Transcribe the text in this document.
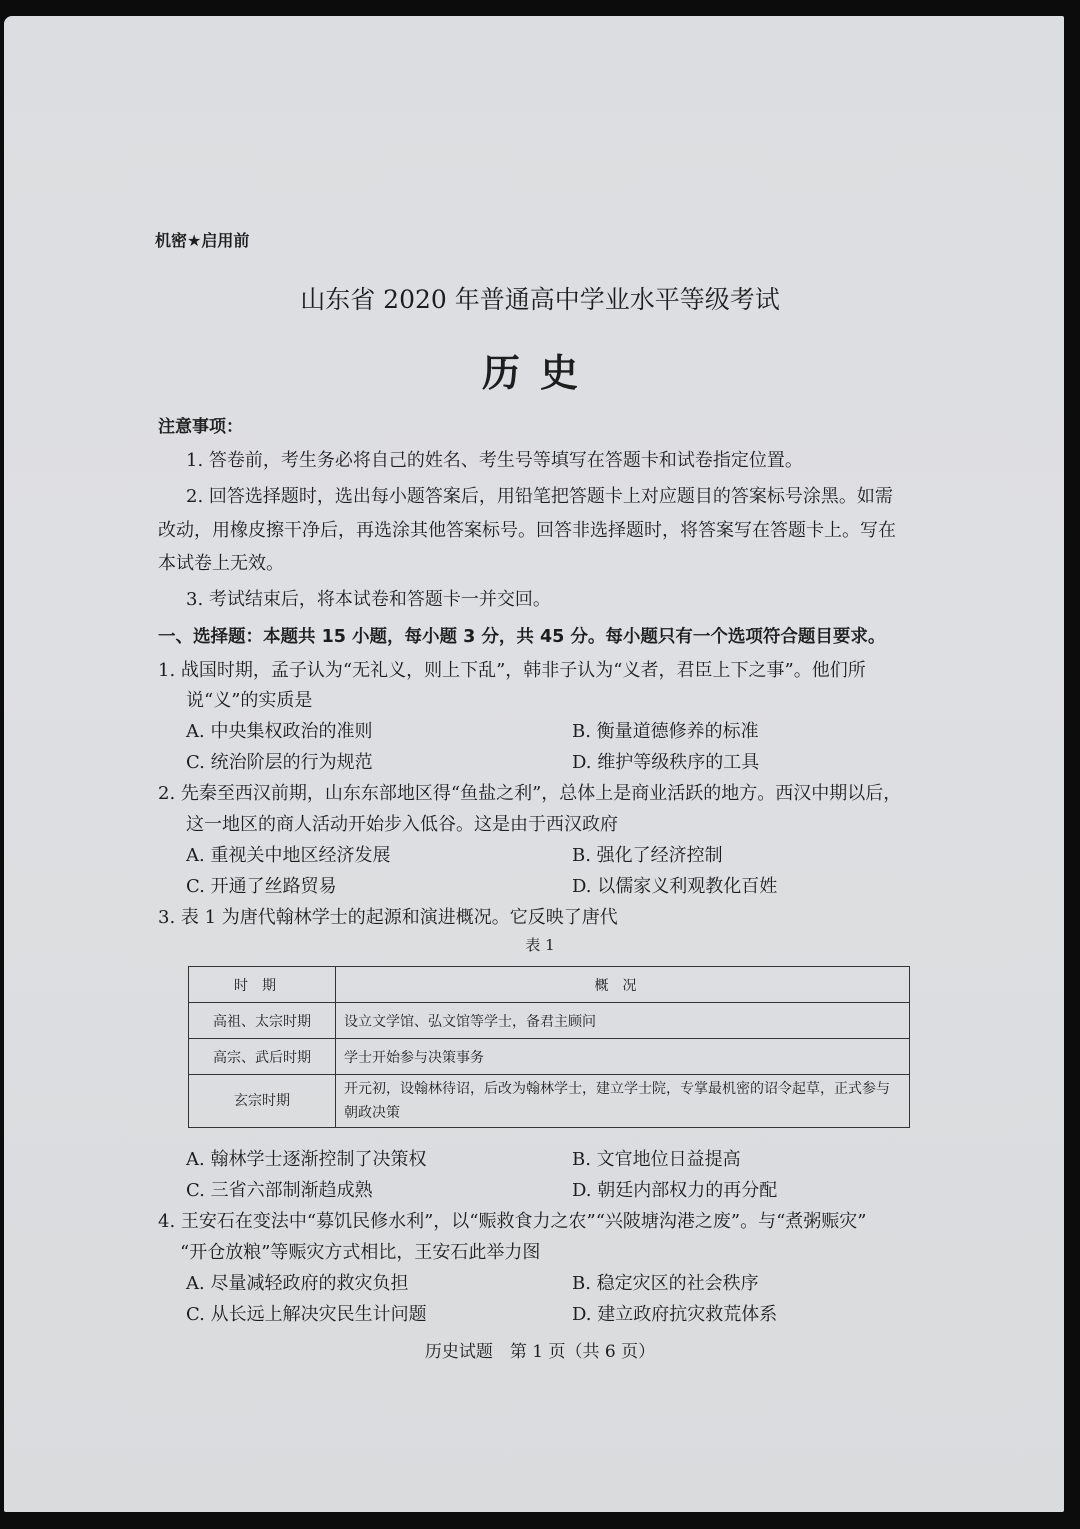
机密★启用前
山东省 2020 年普通高中学业水平等级考试
历史
注意事项：
1. 答卷前，考生务必将自己的姓名、考生号等填写在答题卡和试卷指定位置。
2. 回答选择题时，选出每小题答案后，用铅笔把答题卡上对应题目的答案标号涂黑。如需
改动，用橡皮擦干净后，再选涂其他答案标号。回答非选择题时，将答案写在答题卡上。写在
本试卷上无效。
3. 考试结束后，将本试卷和答题卡一并交回。
一、选择题：本题共 15 小题，每小题 3 分，共 45 分。每小题只有一个选项符合题目要求。
1. 战国时期，孟子认为“无礼义，则上下乱”，韩非子认为“义者，君臣上下之事”。他们所
说“义”的实质是
A. 中央集权政治的准则	B. 衡量道德修养的标准
C. 统治阶层的行为规范	D. 维护等级秩序的工具
2. 先秦至西汉前期，山东东部地区得“鱼盐之利”，总体上是商业活跃的地方。西汉中期以后，
这一地区的商人活动开始步入低谷。这是由于西汉政府
A. 重视关中地区经济发展	B. 强化了经济控制
C. 开通了丝路贸易	D. 以儒家义利观教化百姓
3. 表 1 为唐代翰林学士的起源和演进概况。它反映了唐代
表 1
时期	概况
高祖、太宗时期	设立文学馆、弘文馆等学士，备君主顾问
高宗、武后时期	学士开始参与决策事务
玄宗时期	开元初，设翰林待诏，后改为翰林学士，建立学士院，专掌最机密的诏令起草，正式参与朝政决策
A. 翰林学士逐渐控制了决策权	B. 文官地位日益提高
C. 三省六部制渐趋成熟	D. 朝廷内部权力的再分配
4. 王安石在变法中“募饥民修水利”，以“赈救食力之农”“兴陂塘沟港之废”。与“煮粥赈灾”
“开仓放粮”等赈灾方式相比，王安石此举力图
A. 尽量减轻政府的救灾负担	B. 稳定灾区的社会秩序
C. 从长远上解决灾民生计问题	D. 建立政府抗灾救荒体系
历史试题　第 1 页（共 6 页）
